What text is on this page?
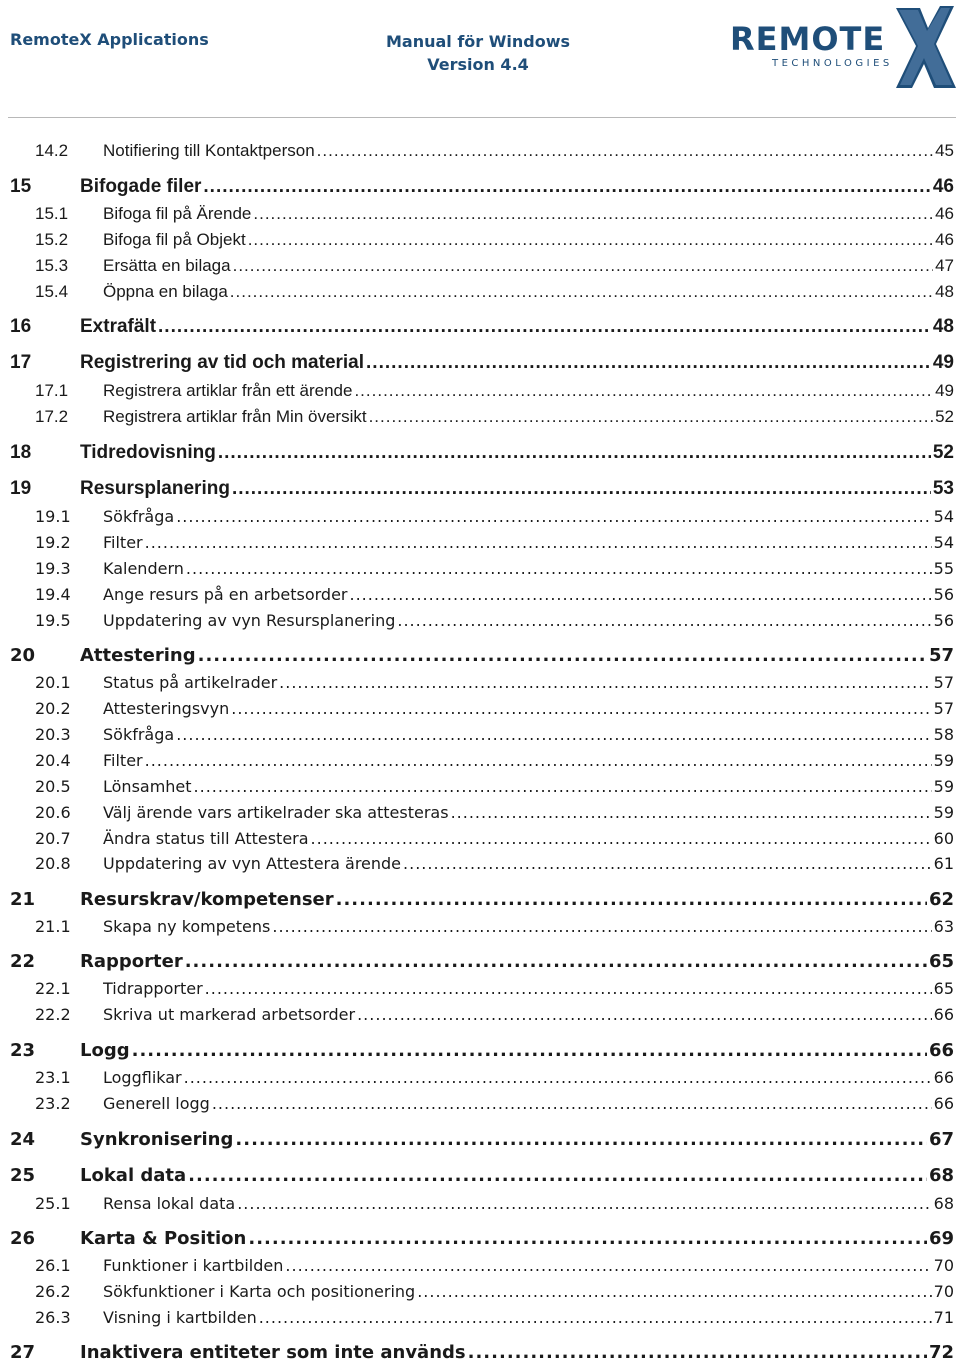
RemoteX Applications	Manual för Windows
Version 4.4
REMOTE
TECHNOLOGIES
14.2 Notifiering till Kontaktperson .....	45
15	Bifogade filer .....	46
15.1 Bifoga fil på Ärende .....	46
15.2 Bifoga fil på Objekt .....	46
15.3 Ersätta en bilaga .....	47
15.4 Öppna en bilaga .....	48
16	Extrafält .....	48
17	Registrering av tid och material .....	49
17.1 Registrera artiklar från ett ärende .....	49
17.2 Registrera artiklar från Min översikt .....	52
18	Tidredovisning .....	52
19	Resursplanering .....	53
19.1 Sökfråga .....	54
19.2 Filter .....	54
19.3 Kalendern .....	55
19.4 Ange resurs på en arbetsorder .....	56
19.5 Uppdatering av vyn Resursplanering .....	56
20 Attestering .....	57
20.1 Status på artikelrader .....	57
20.2 Attesteringsvyn .....	57
20.3 Sökfråga .....	58
20.4 Filter .....	59
20.5 Lönsamhet .....	59
20.6 Välj ärende vars artikelrader ska attesteras .....	59
20.7 Ändra status till Attestera .....	60
20.8 Uppdatering av vyn Attestera ärende .....	61
21 Resurskrav/kompetenser .....	62
21.1 Skapa ny kompetens .....	63
22 Rapporter .....	65
22.1 Tidrapporter .....	65
22.2 Skriva ut markerad arbetsorder .....	66
23 Logg .....	66
23.1 Loggflikar .....	66
23.2 Generell logg .....	66
24 Synkronisering .....	67
25 Lokal data .....	68
25.1 Rensa lokal data .....	68
26 Karta & Position .....	69
26.1 Funktioner i kartbilden .....	70
26.2 Sökfunktioner i Karta och positionering .....	70
26.3 Visning i kartbilden .....	71
27 Inaktivera entiteter som inte används .....	72
